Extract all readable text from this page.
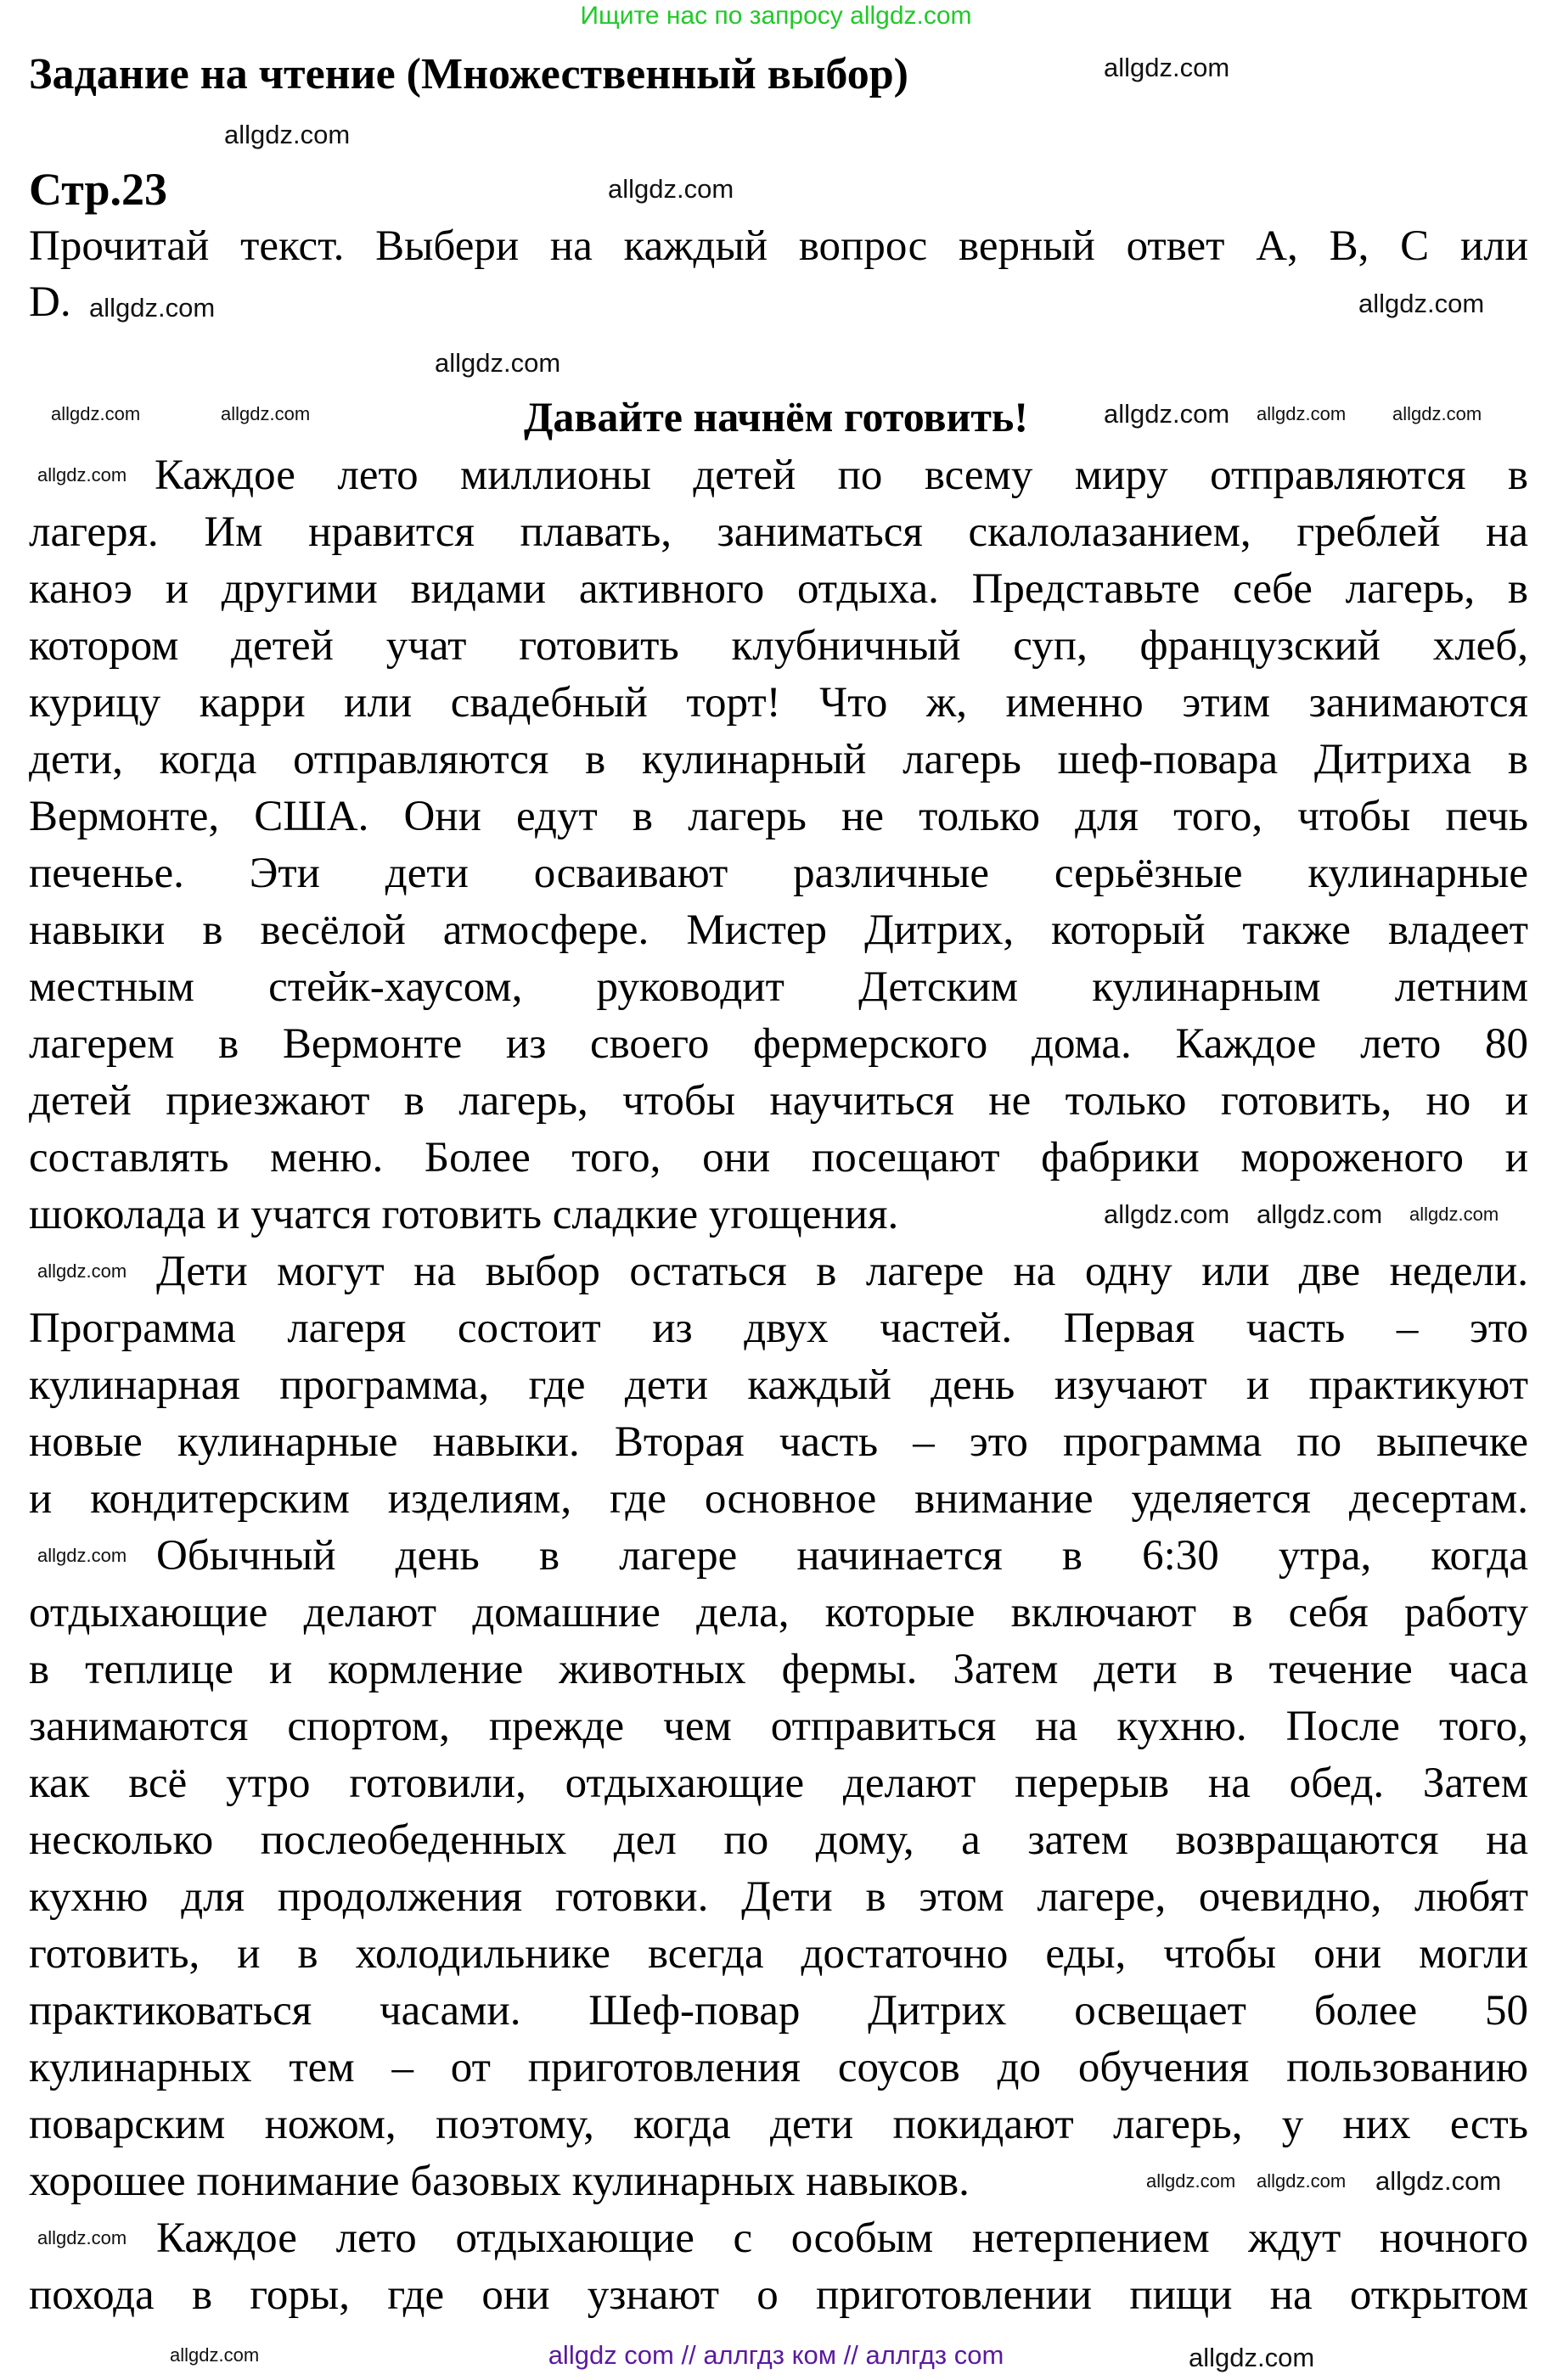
Ищите нас по запросу allgdz.com
Задание на чтение (Множественный выбор)
Стр.23
Прочитай текст. Выбери на каждый вопрос верный ответ A, B, C или
D.
Давайте начнём готовить!
Каждое лето миллионы детей по всему миру отправляются в
лагеря. Им нравится плавать, заниматься скалолазанием, греблей на
каноэ и другими видами активного отдыха. Представьте себе лагерь, в
котором детей учат готовить клубничный суп, французский хлеб,
курицу карри или свадебный торт! Что ж, именно этим занимаются
дети, когда отправляются в кулинарный лагерь шеф-повара Дитриха в
Вермонте, США. Они едут в лагерь не только для того, чтобы печь
печенье. Эти дети осваивают различные серьёзные кулинарные
навыки в весёлой атмосфере. Мистер Дитрих, который также владеет
местным стейк-хаусом, руководит Детским кулинарным летним
лагерем в Вермонте из своего фермерского дома. Каждое лето 80
детей приезжают в лагерь, чтобы научиться не только готовить, но и
составлять меню. Более того, они посещают фабрики мороженого и
шоколада и учатся готовить сладкие угощения.
Дети могут на выбор остаться в лагере на одну или две недели.
Программа лагеря состоит из двух частей. Первая часть – это
кулинарная программа, где дети каждый день изучают и практикуют
новые кулинарные навыки. Вторая часть – это программа по выпечке
и кондитерским изделиям, где основное внимание уделяется десертам.
Обычный день в лагере начинается в 6:30 утра, когда
отдыхающие делают домашние дела, которые включают в себя работу
в теплице и кормление животных фермы. Затем дети в течение часа
занимаются спортом, прежде чем отправиться на кухню. После того,
как всё утро готовили, отдыхающие делают перерыв на обед. Затем
несколько послеобеденных дел по дому, а затем возвращаются на
кухню для продолжения готовки. Дети в этом лагере, очевидно, любят
готовить, и в холодильнике всегда достаточно еды, чтобы они могли
практиковаться часами. Шеф-повар Дитрих освещает более 50
кулинарных тем – от приготовления соусов до обучения пользованию
поварским ножом, поэтому, когда дети покидают лагерь, у них есть
хорошее понимание базовых кулинарных навыков.
Каждое лето отдыхающие с особым нетерпением ждут ночного
похода в горы, где они узнают о приготовлении пищи на открытом
allgdz.com
allgdz.com
allgdz.com
allgdz.com
allgdz.com
allgdz.com
allgdz.com
allgdz.com	allgdz.com	allgdz.com allgdz.com
allgdz.com
allgdz.com allgdz.com allgdz.com
allgdz.com
allgdz.com
allgdz.com allgdz.com
allgdz.com
allgdz.com
allgdz.com	allgdz.com
allgdz com // аллгдз ком // аллгдз com
